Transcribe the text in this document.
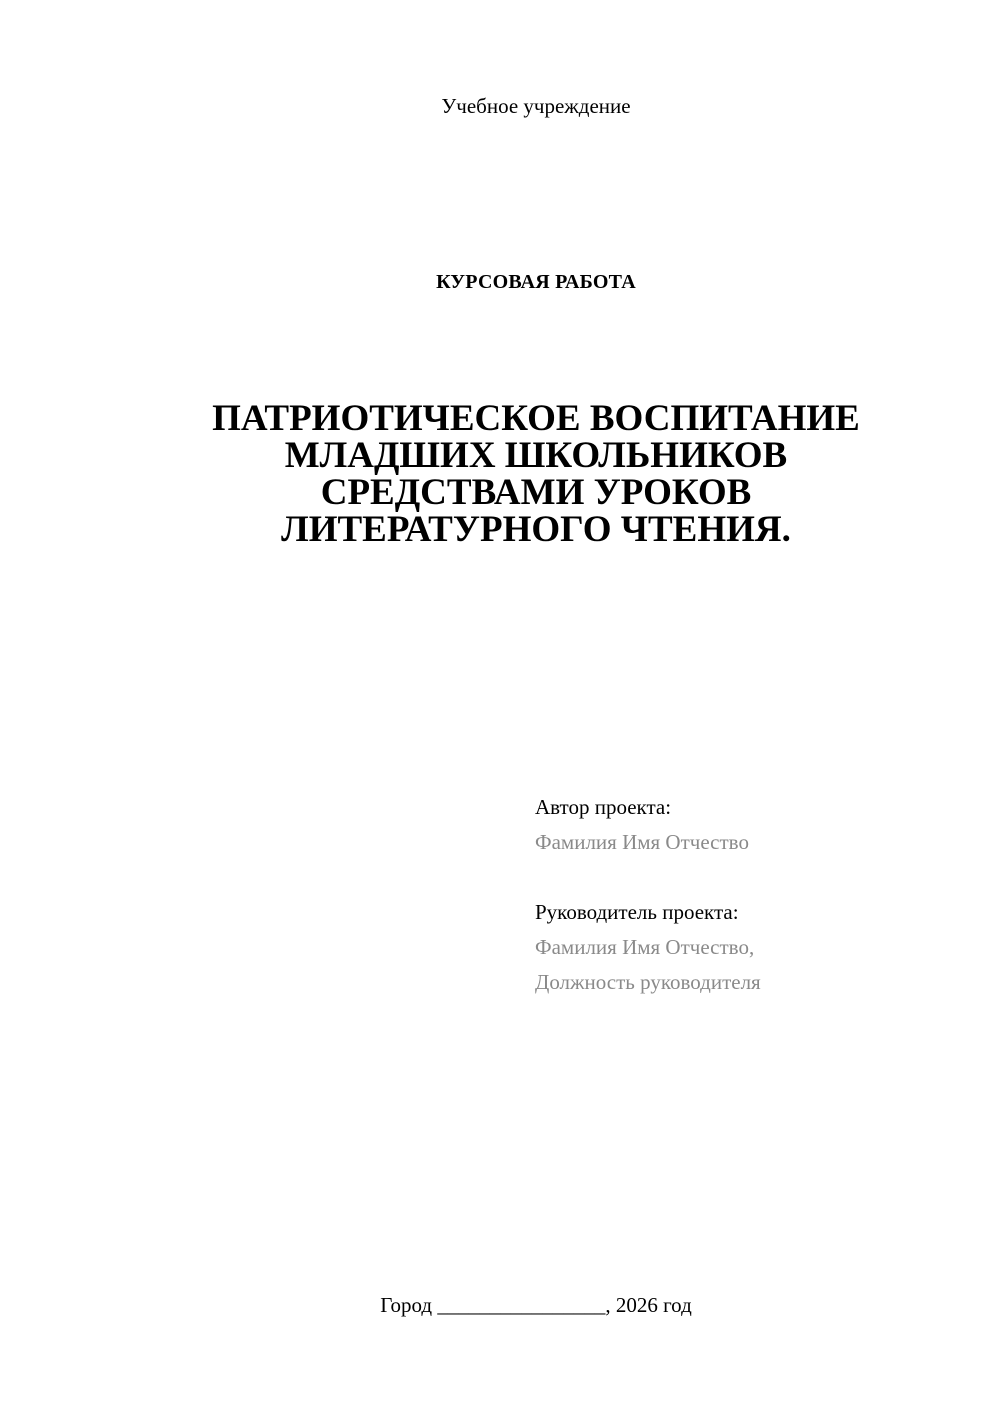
Учебное учреждение
КУРСОВАЯ РАБОТА
ПАТРИОТИЧЕСКОЕ ВОСПИТАНИЕ
МЛАДШИХ ШКОЛЬНИКОВ
СРЕДСТВАМИ УРОКОВ
ЛИТЕРАТУРНОГО ЧТЕНИЯ.
Автор проекта:
Фамилия Имя Отчество
Руководитель проекта:
Фамилия Имя Отчество,
Должность руководителя
Город ________________, 2026 год
